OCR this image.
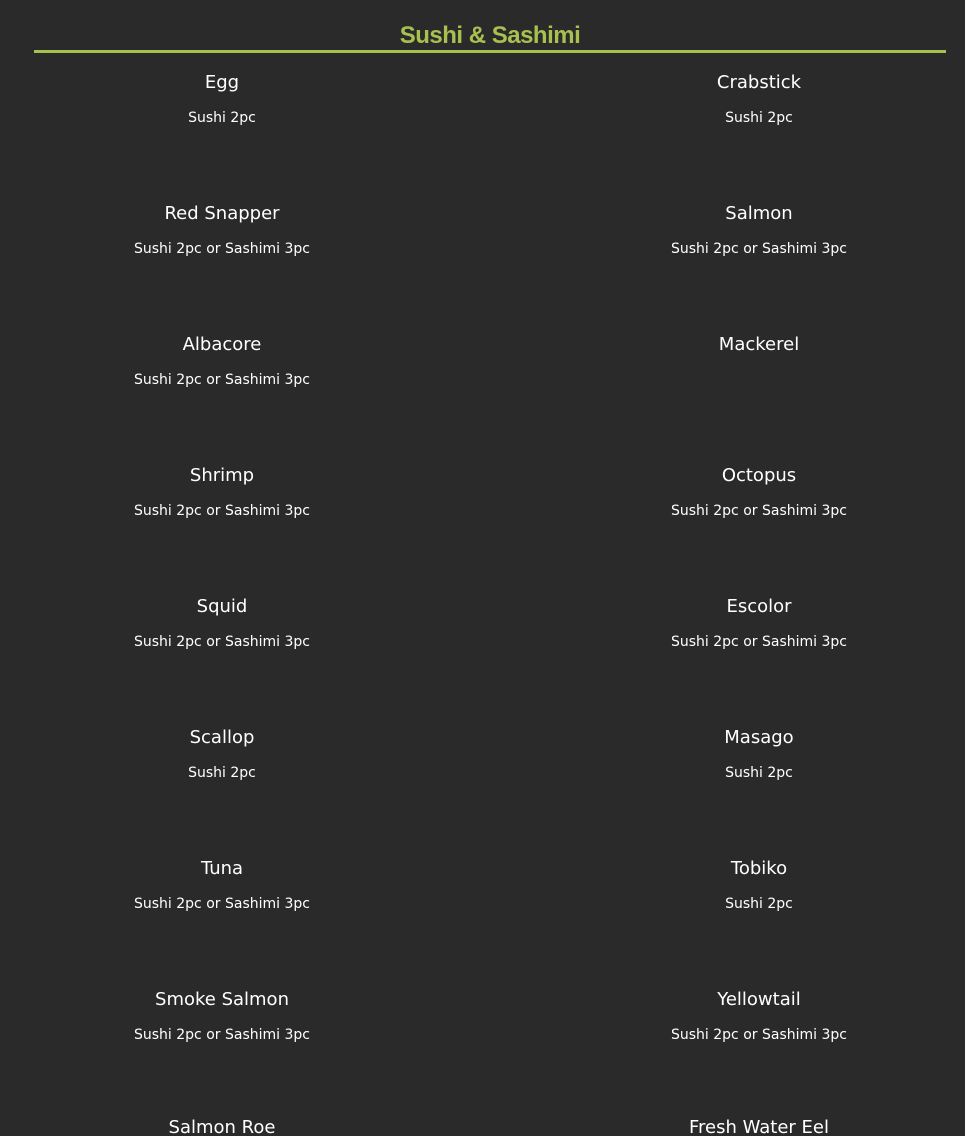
Sushi & Sashimi
Egg
Sushi 2pc
Crabstick
Sushi 2pc
Red Snapper
Sushi 2pc or Sashimi 3pc
Salmon
Sushi 2pc or Sashimi 3pc
Albacore
Sushi 2pc or Sashimi 3pc
Mackerel
Shrimp
Sushi 2pc or Sashimi 3pc
Octopus
Sushi 2pc or Sashimi 3pc
Squid
Sushi 2pc or Sashimi 3pc
Escolor
Sushi 2pc or Sashimi 3pc
Scallop
Sushi 2pc
Masago
Sushi 2pc
Tuna
Sushi 2pc or Sashimi 3pc
Tobiko
Sushi 2pc
Smoke Salmon
Sushi 2pc or Sashimi 3pc
Yellowtail
Sushi 2pc or Sashimi 3pc
Salmon Roe	Fresh Water Eel
